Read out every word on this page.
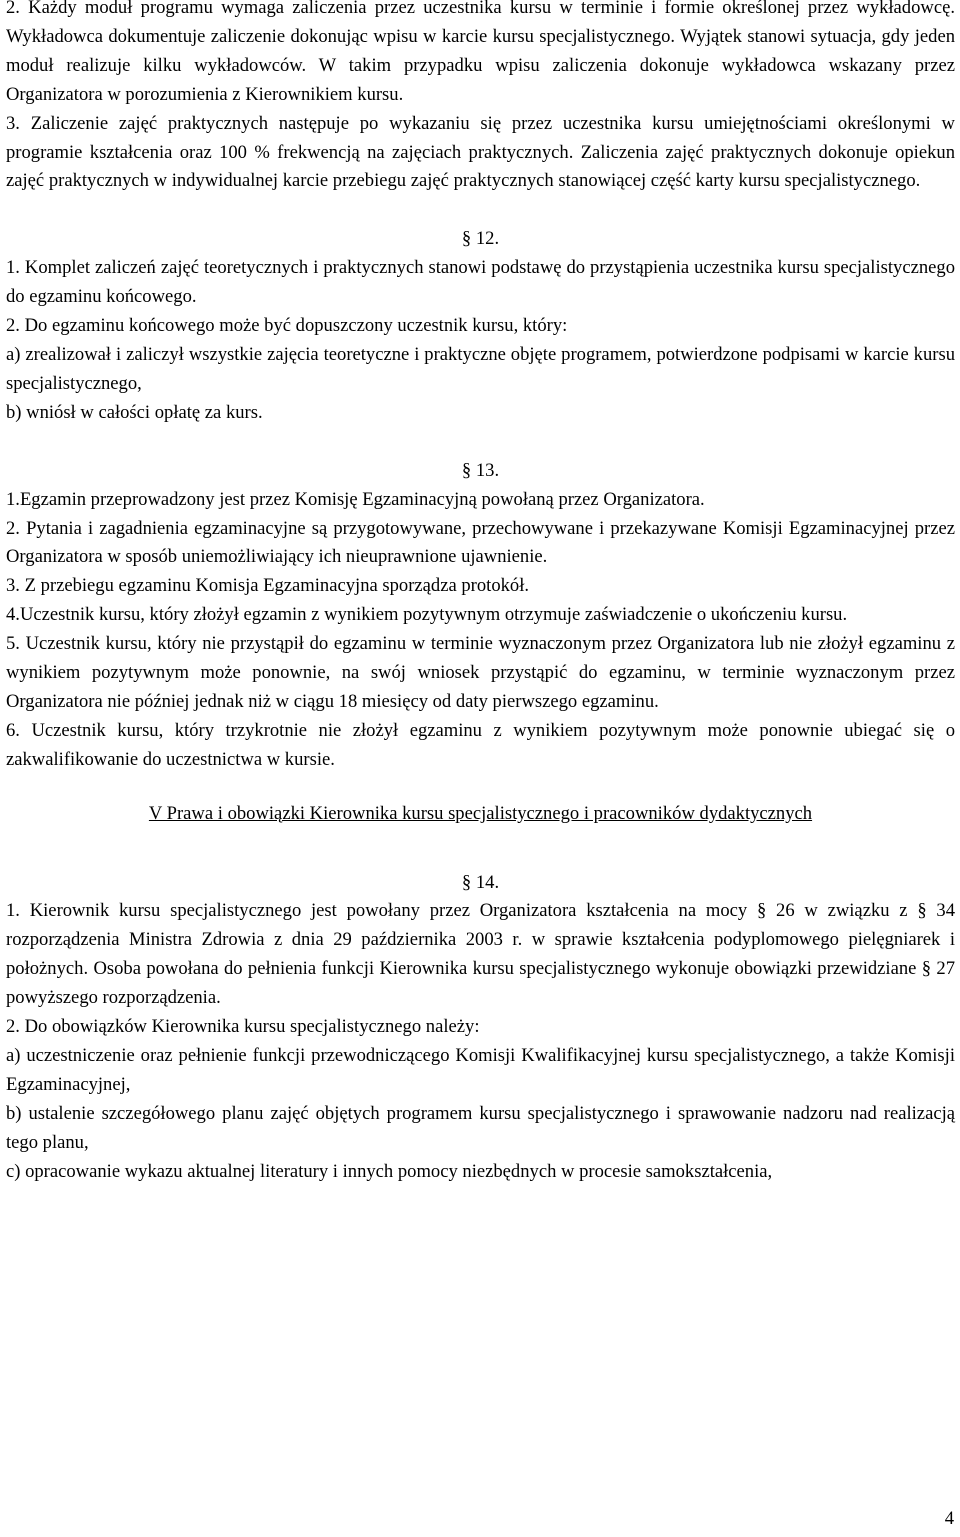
2. Każdy moduł programu wymaga zaliczenia przez uczestnika kursu w terminie i formie określonej przez wykładowcę. Wykładowca dokumentuje zaliczenie dokonując wpisu w karcie kursu specjalistycznego. Wyjątek stanowi sytuacja, gdy jeden moduł realizuje kilku wykładowców. W takim przypadku wpisu zaliczenia dokonuje wykładowca wskazany przez Organizatora w porozumienia z Kierownikiem kursu.

3. Zaliczenie zajęć praktycznych następuje po wykazaniu się przez uczestnika kursu umiejętnościami określonymi w programie kształcenia oraz 100 % frekwencją na zajęciach praktycznych. Zaliczenia zajęć praktycznych dokonuje opiekun zajęć praktycznych w indywidualnej karcie przebiegu zajęć praktycznych stanowiącej część karty kursu specjalistycznego.

§ 12.

1. Komplet zaliczeń zajęć teoretycznych i praktycznych stanowi podstawę do przystąpienia uczestnika kursu specjalistycznego do egzaminu końcowego.

2. Do egzaminu końcowego może być dopuszczony uczestnik kursu, który:

a) zrealizował i zaliczył wszystkie zajęcia teoretyczne i praktyczne objęte programem, potwierdzone podpisami w karcie kursu specjalistycznego,

b) wniósł w całości opłatę za kurs.

§ 13.

1.Egzamin przeprowadzony jest przez Komisję Egzaminacyjną powołaną przez Organizatora.

2. Pytania i zagadnienia egzaminacyjne są przygotowywane, przechowywane i przekazywane Komisji Egzaminacyjnej przez Organizatora w sposób uniemożliwiający ich nieuprawnione ujawnienie.

3. Z przebiegu egzaminu Komisja Egzaminacyjna sporządza protokół.

4.Uczestnik kursu, który złożył egzamin z wynikiem pozytywnym otrzymuje zaświadczenie o ukończeniu kursu.

5. Uczestnik kursu, który nie przystąpił do egzaminu w terminie wyznaczonym przez Organizatora lub nie złożył egzaminu z wynikiem pozytywnym może ponownie, na swój wniosek przystąpić do egzaminu, w terminie wyznaczonym przez Organizatora nie później jednak niż w ciągu 18 miesięcy od daty pierwszego egzaminu.

6. Uczestnik kursu, który trzykrotnie nie złożył egzaminu z wynikiem pozytywnym może ponownie ubiegać się o zakwalifikowanie do uczestnictwa w kursie.

V Prawa i obowiązki Kierownika kursu specjalistycznego i pracowników dydaktycznych

§ 14.

1. Kierownik kursu specjalistycznego jest powołany przez Organizatora kształcenia na mocy § 26 w związku z § 34 rozporządzenia Ministra Zdrowia z dnia 29 października 2003 r. w sprawie kształcenia podyplomowego pielęgniarek i położnych. Osoba powołana do pełnienia funkcji Kierownika kursu specjalistycznego wykonuje obowiązki przewidziane § 27 powyższego rozporządzenia.

2. Do obowiązków Kierownika kursu specjalistycznego należy:

a) uczestniczenie oraz pełnienie funkcji przewodniczącego Komisji Kwalifikacyjnej kursu specjalistycznego, a także Komisji Egzaminacyjnej,

b) ustalenie szczegółowego planu zajęć objętych programem kursu specjalistycznego i sprawowanie nadzoru nad realizacją tego planu,

c) opracowanie wykazu aktualnej literatury i innych pomocy niezbędnych w procesie samokształcenia,

4
